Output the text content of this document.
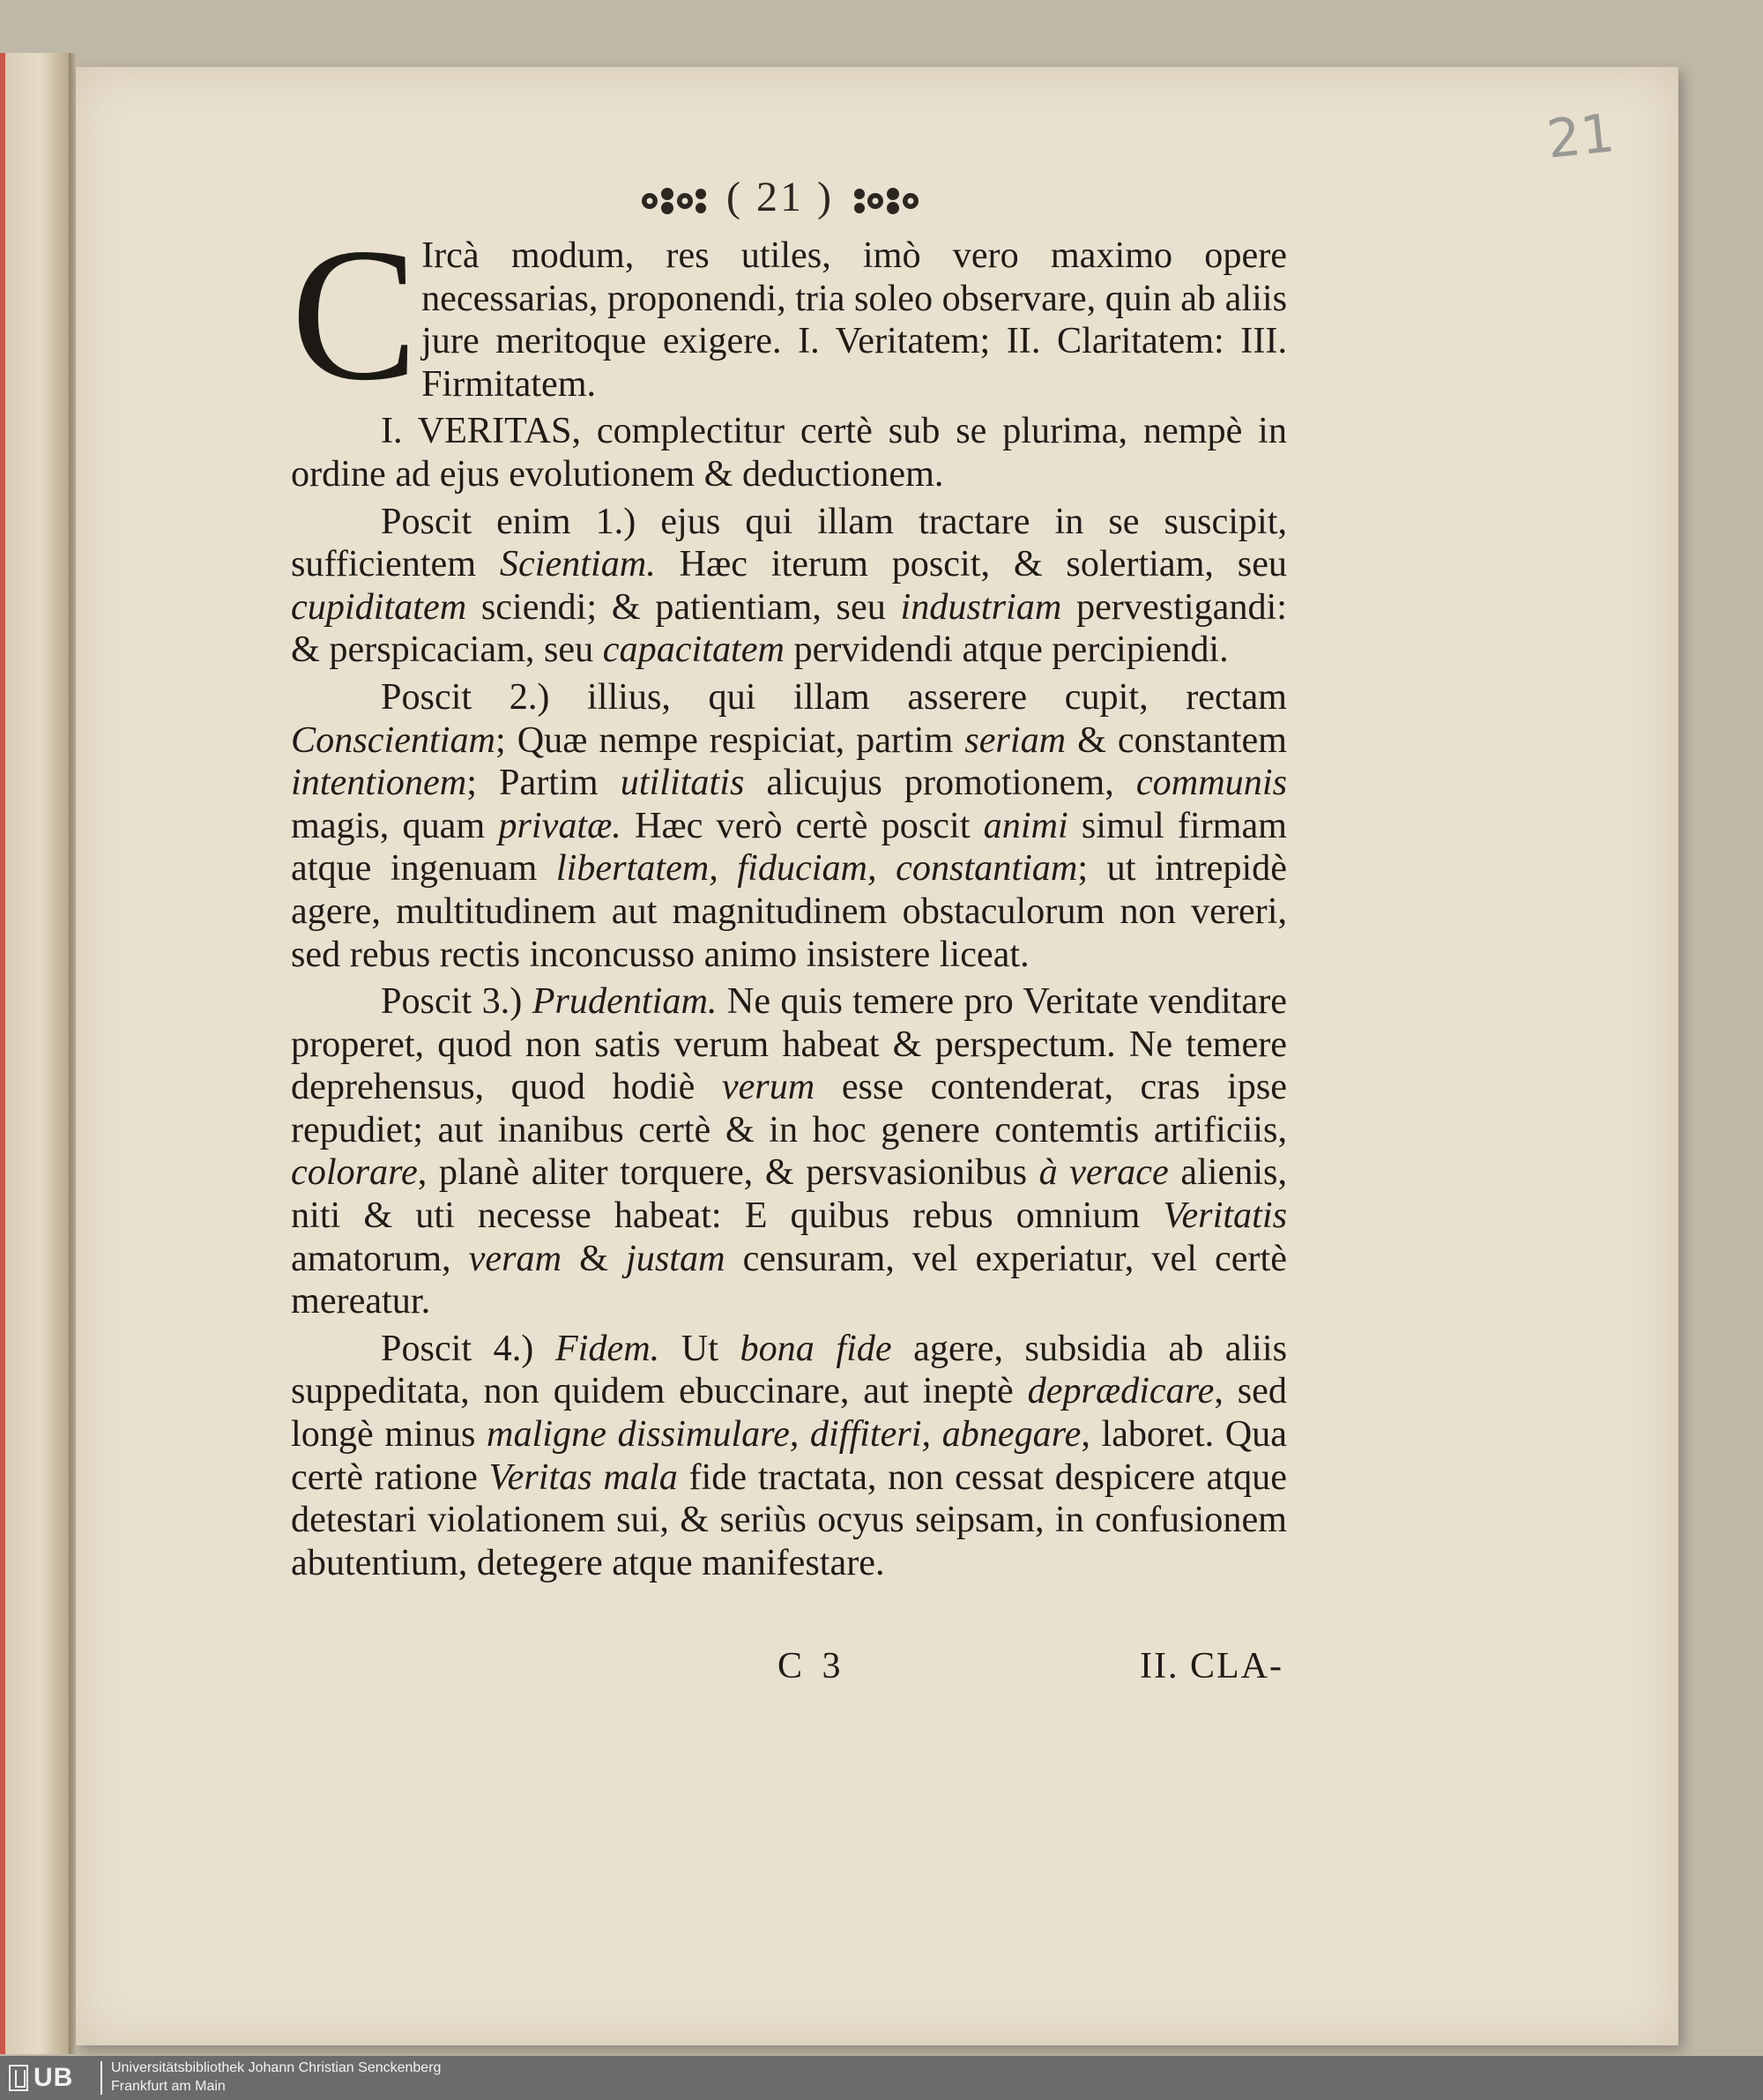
21
( 21 )

C Ircà modum, res utiles, imò vero maximo opere necessarias, proponendi, tria soleo observare, quin ab aliis jure meritoque exigere. I. Veritatem; II. Claritatem: III. Firmitatem.

I. VERITAS, complectitur certè sub se plurima, nempè in ordine ad ejus evolutionem & deductionem.

Poscit enim 1.) ejus qui illam tractare in se suscipit, sufficientem Scientiam. Hæc iterum poscit, & solertiam, seu cupiditatem sciendi; & patientiam, seu industriam pervestigandi: & perspicaciam, seu capacitatem pervidendi atque percipiendi.

Poscit 2.) illius, qui illam asserere cupit, rectam Conscientiam; Quæ nempe respiciat, partim seriam & constantem intentionem; Partim utilitatis alicujus promotionem, communis magis, quam privatæ. Hæc verò certè poscit animi simul firmam atque ingenuam libertatem, fiduciam, constantiam; ut intrepidè agere, multitudinem aut magnitudinem obstaculorum non vereri, sed rebus rectis inconcusso animo insistere liceat.

Poscit 3.) Prudentiam. Ne quis temere pro Veritate venditare properet, quod non satis verum habeat & perspectum. Ne temere deprehensus, quod hodiè verum esse contenderat, cras ipse repudiet; aut inanibus certè & in hoc genere contemtis artificiis, colorare, planè aliter torquere, & persvasionibus à verace alienis, niti & uti necesse habeat: E quibus rebus omnium Veritatis amatorum, veram & justam censuram, vel experiatur, vel certè mereatur.

Poscit 4.) Fidem. Ut bona fide agere, subsidia ab aliis suppeditata, non quidem ebuccinare, aut ineptè deprædicare, sed longè minus maligne dissimulare, diffiteri, abnegare, laboret. Qua certè ratione Veritas mala fide tractata, non cessat despicere atque detestari violationem sui, & seriùs ocyus seipsam, in confusionem abutentium, detegere atque manifestare.

C 3	II. CLA-
UB	Universitätsbibliothek Johann Christian Senckenberg
Frankfurt am Main
